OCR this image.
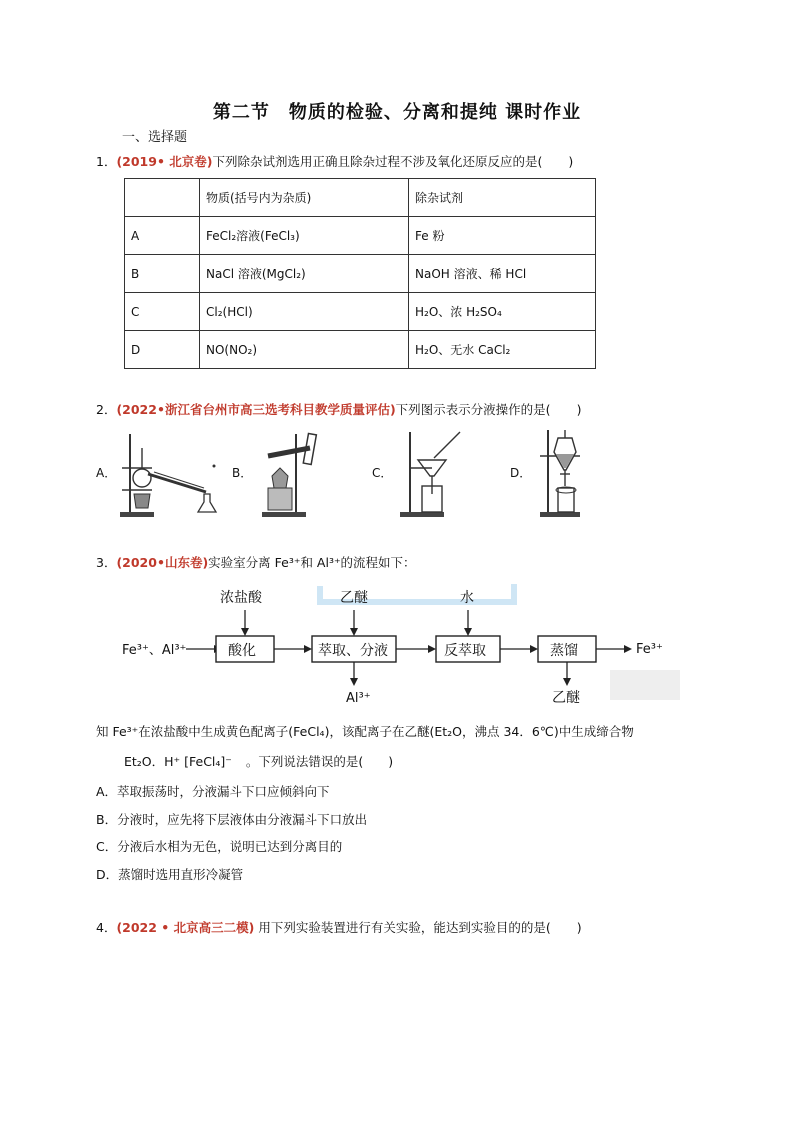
第二节　物质的检验、分离和提纯 课时作业
一、选择题
1．(2019• 北京卷)下列除杂试剂选用正确且除杂过程不涉及氧化还原反应的是( )
	物质(括号内为杂质)	除杂试剂
A	FeCl₂溶液(FeCl₃)	Fe 粉
B	NaCl 溶液(MgCl₂)	NaOH 溶液、稀 HCl
C	Cl₂(HCl)	H₂O、浓 H₂SO₄
D	NO(NO₂)	H₂O、无水 CaCl₂
2．(2022•浙江省台州市高三选考科目教学质量评估)下列图示表示分液操作的是( )
A．	B．	C．	D．
3．(2020•山东卷)实验室分离 Fe³⁺和 Al³⁺的流程如下：
Fe³⁺、Al³⁺	酸化	萃取、分液	反萃取	蒸馏	Fe³⁺
浓盐酸	乙醚	水
Al³⁺	乙醚
知 Fe³⁺在浓盐酸中生成黄色配离子(FeCl₄)，该配离子在乙醚(Et₂O，沸点 34．6℃)中生成缔合物
Et₂O．H⁺ [FeCl₄]⁻ 。下列说法错误的是(　　)
A．萃取振荡时，分液漏斗下口应倾斜向下
B．分液时，应先将下层液体由分液漏斗下口放出
C．分液后水相为无色，说明已达到分离目的
D．蒸馏时选用直形冷凝管
4．(2022 • 北京高三二模) 用下列实验装置进行有关实验，能达到实验目的的是( )
